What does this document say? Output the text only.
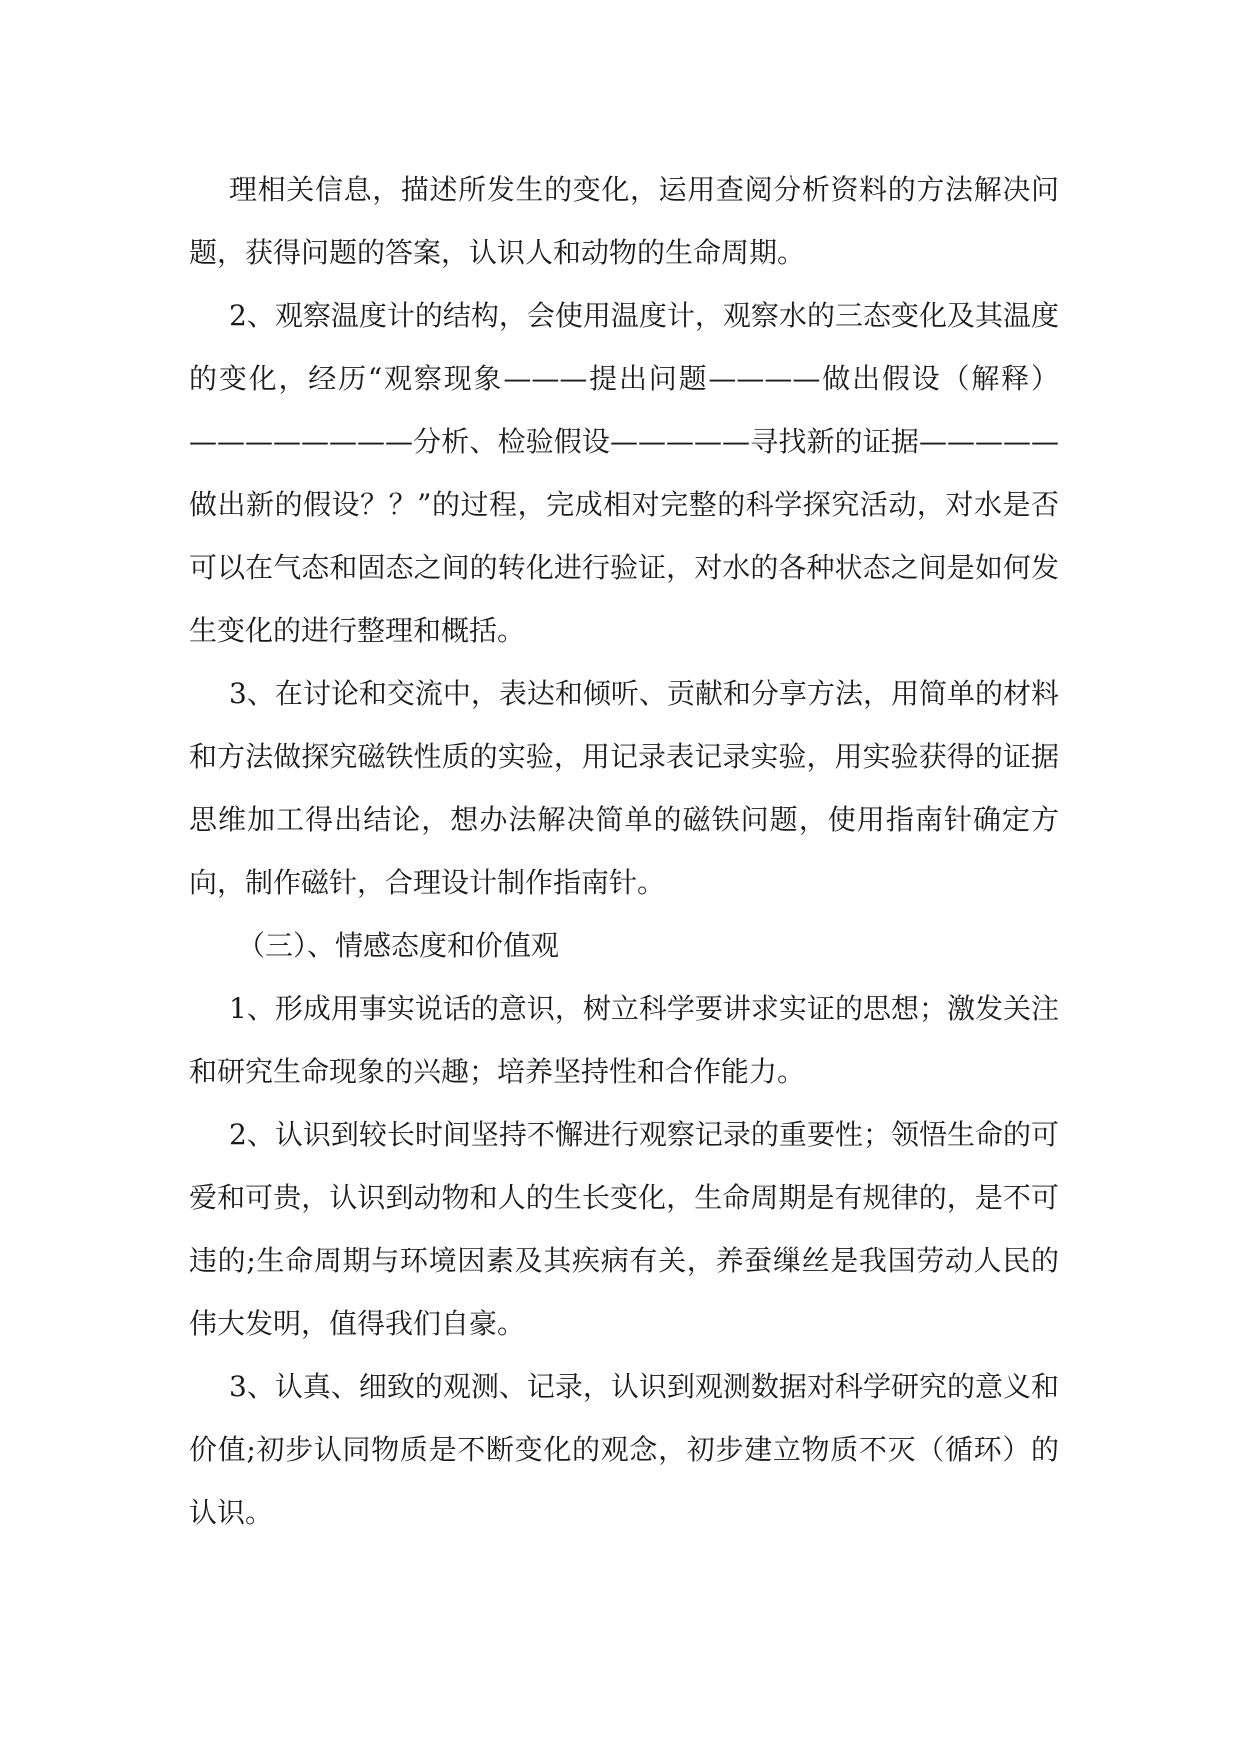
理相关信息，描述所发生的变化，运用查阅分析资料的方法解决问题，获得问题的答案，认识人和动物的生命周期。

2、观察温度计的结构，会使用温度计，观察水的三态变化及其温度的变化，经历“观察现象———提出问题————做出假设（解释）————————分析、检验假设—————寻找新的证据—————做出新的假设？？”的过程，完成相对完整的科学探究活动，对水是否可以在气态和固态之间的转化进行验证，对水的各种状态之间是如何发生变化的进行整理和概括。

3、在讨论和交流中，表达和倾听、贡献和分享方法，用简单的材料和方法做探究磁铁性质的实验，用记录表记录实验，用实验获得的证据思维加工得出结论，想办法解决简单的磁铁问题，使用指南针确定方向，制作磁针，合理设计制作指南针。

（三）、情感态度和价值观

1、形成用事实说话的意识，树立科学要讲求实证的思想；激发关注和研究生命现象的兴趣；培养坚持性和合作能力。

2、认识到较长时间坚持不懈进行观察记录的重要性；领悟生命的可爱和可贵，认识到动物和人的生长变化，生命周期是有规律的，是不可违的;生命周期与环境因素及其疾病有关，养蚕缫丝是我国劳动人民的伟大发明，值得我们自豪。

3、认真、细致的观测、记录，认识到观测数据对科学研究的意义和价值;初步认同物质是不断变化的观念，初步建立物质不灭（循环）的认识。
